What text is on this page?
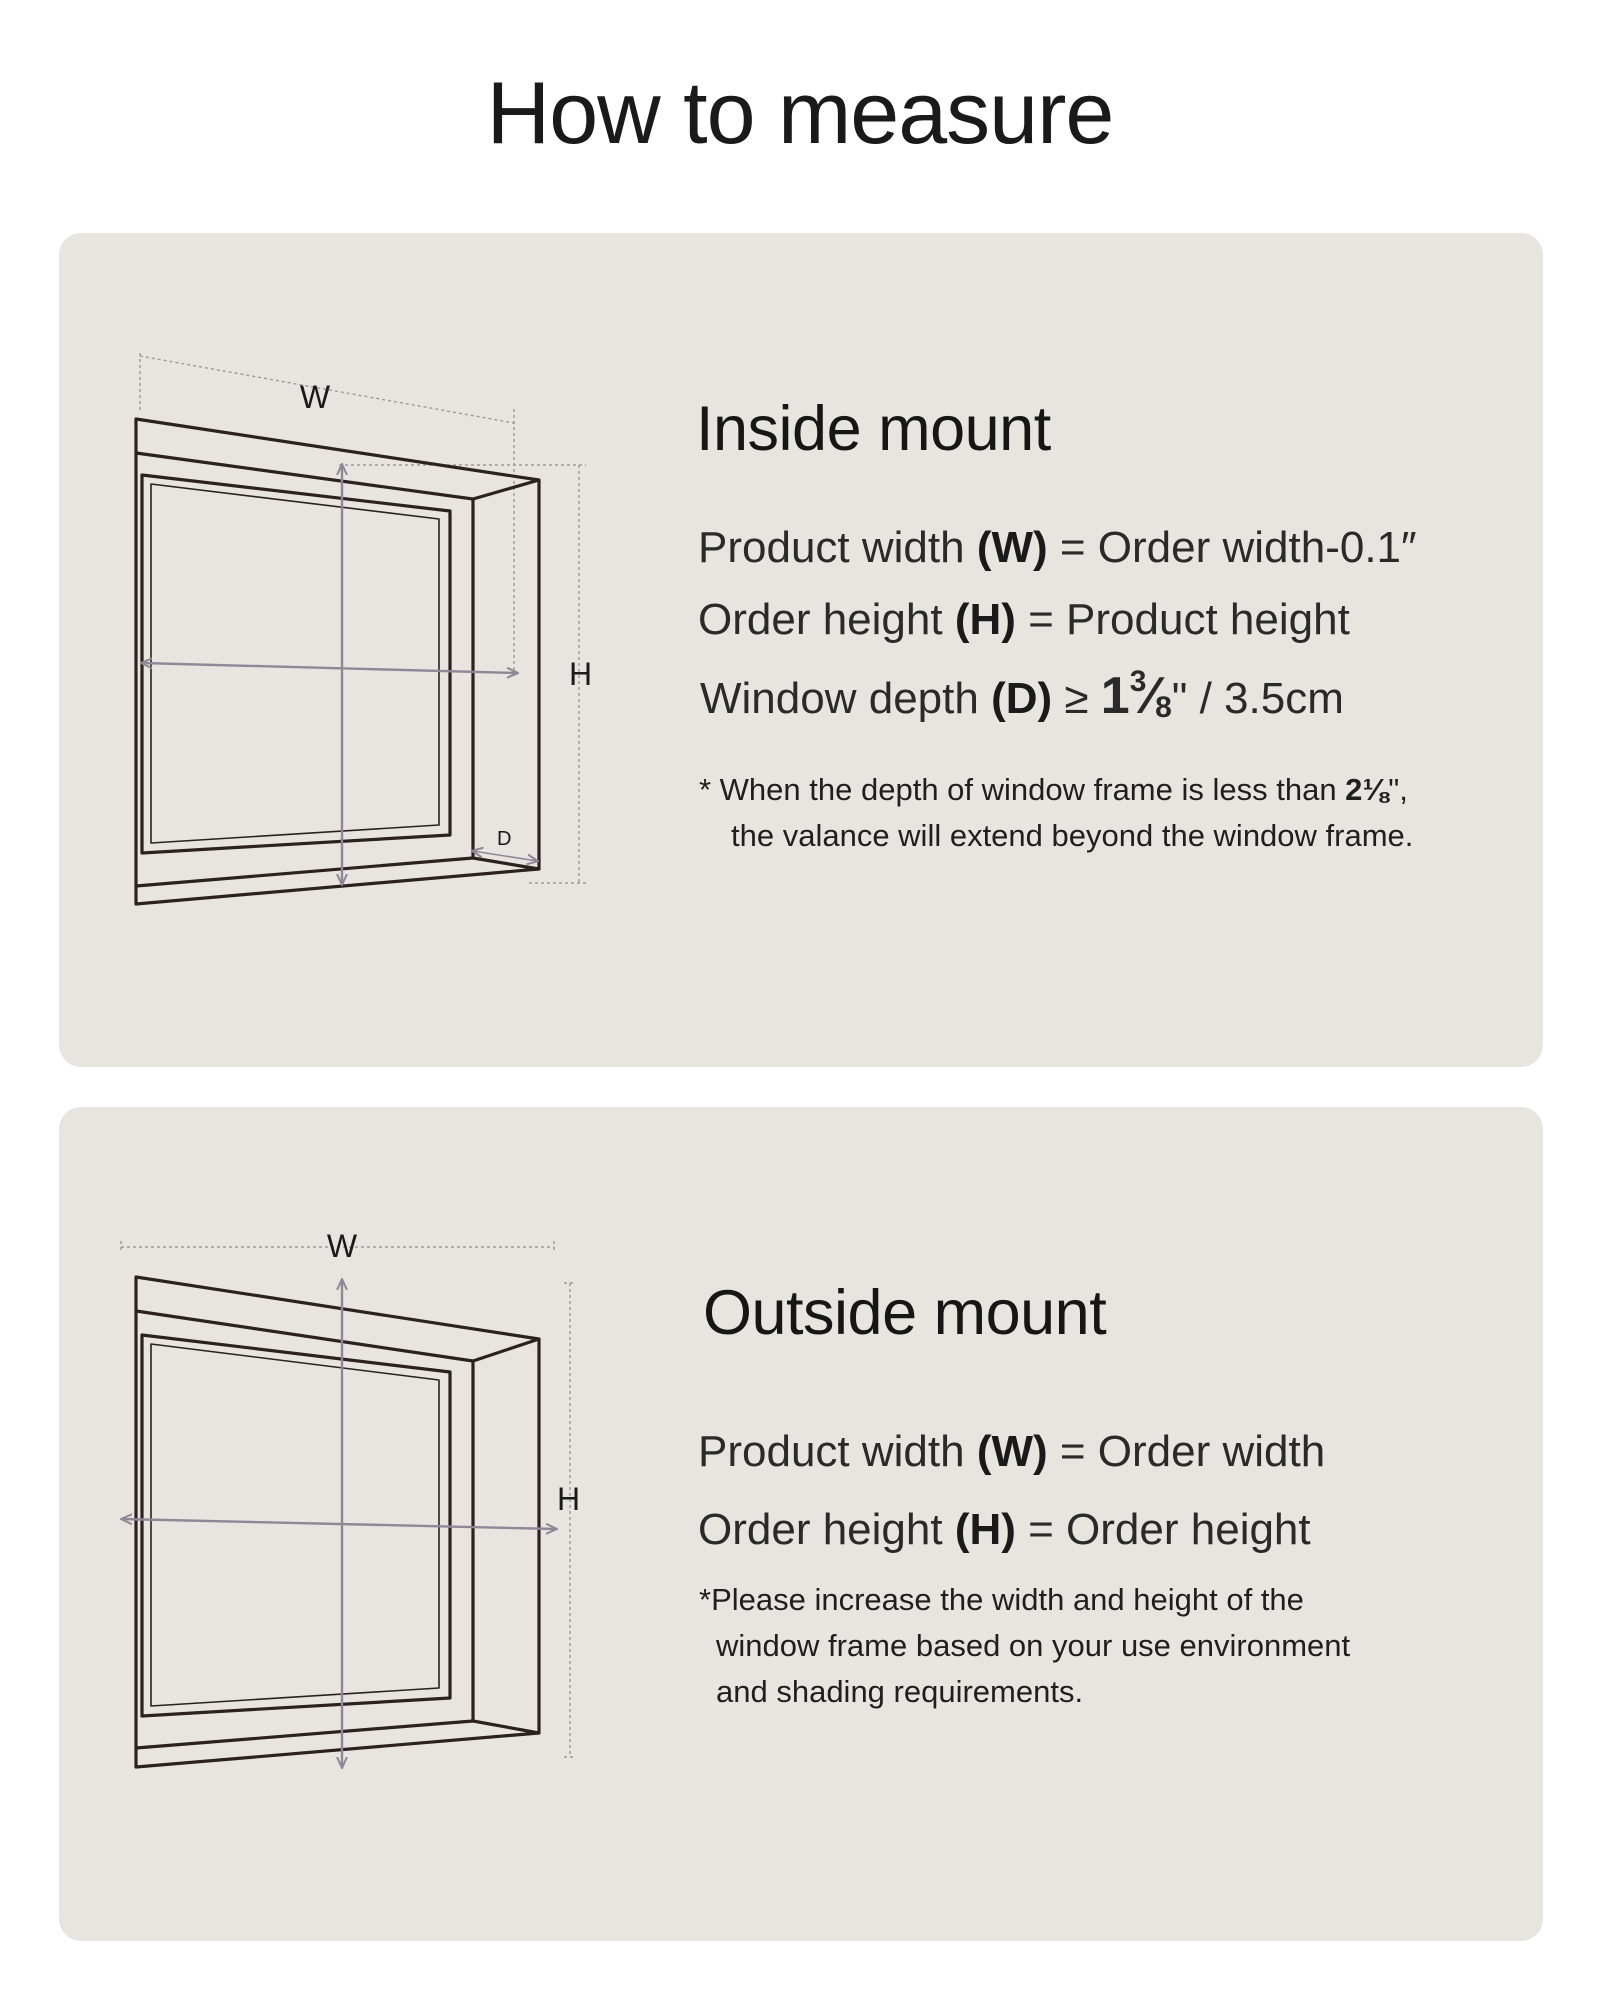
How to measure
W
H
D
Inside mount
Product width (W) = Order width-0.1″
Order height (H) = Product height
Window depth $(D) \ge 1^3⁄_8$" / 3.5cm
* When the depth of window frame is less than 2⅛",
the valance will extend beyond the window frame.
W
H
Outside mount
Product width (W) = Order width
Order height (H) = Order height
*Please increase the width and height of the
window frame based on your use environment
and shading requirements.
